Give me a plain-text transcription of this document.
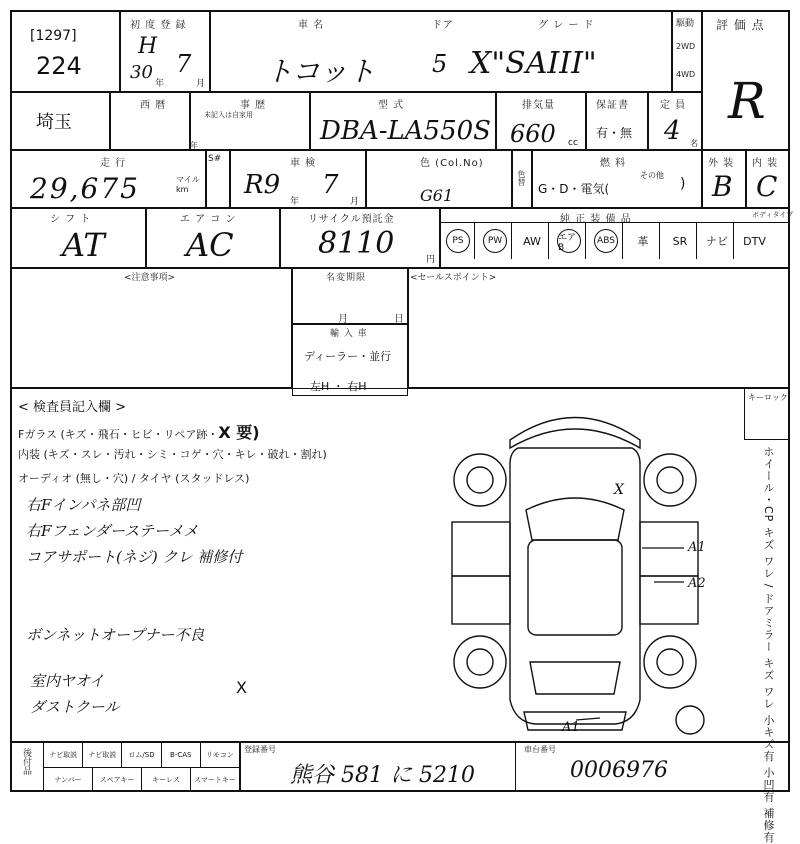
[1297]
224
初 度 登 録
H
30
年
7
月
車 名	ドア	グ レ ー ド
トコット 5 X"SAIII"
駆動
2WD
4WD
評 価 点
R
埼玉
西 暦	事 歴
未記入は自家用
年
型 式
DBA-LA550S
排気量
660 cc
保証書
有・無
定 員
4 名
走 行
29,675	マイル km
S#	車 検
R9
年
7
月
色 (Col.No)
G61
色替
燃 料
G・D・電気(
その他
)
外 装
B
内 装
C
シ フ ト
AT
エ ア コ ン
AC
リサイクル預託金
8110	円
純 正 装 備 品	ボディタイプ
PS	PW	AW エアB
ABS 革 SR ナビ DTV
<注意事項>	名変期限
月	日
輸 入 車
ディーラー・並行
左H ・ 右H
<セールスポイント>
< 検査員記入欄 >
Fガラス (キズ・飛石・ヒビ・リペア跡・X 要)
内装 (キズ・スレ・汚れ・シミ・コゲ・穴・キレ・破れ・割れ)
オーディオ (無し・穴) / タイヤ (スタッドレス)
右Fインパネ部凹
右Fフェンダーステーメメ
コアサポート(ネジ) クレ 補修付
ボンネットオープナー不良
室内ヤオイ
ダストクール
X
キーロック
ホイール・CP キズ ワレ / ドアミラー キズ ワレ 小キズ有 小凹有 補修有
A1
A2
A1
X
後付品	ナビ取説	ナビ取説	ロム/SD	B-CAS	リモコン
ナンバー	スペアキー	キーレス	スマートキー
登録番号
熊谷 581 に 5210
車台番号
0006976
